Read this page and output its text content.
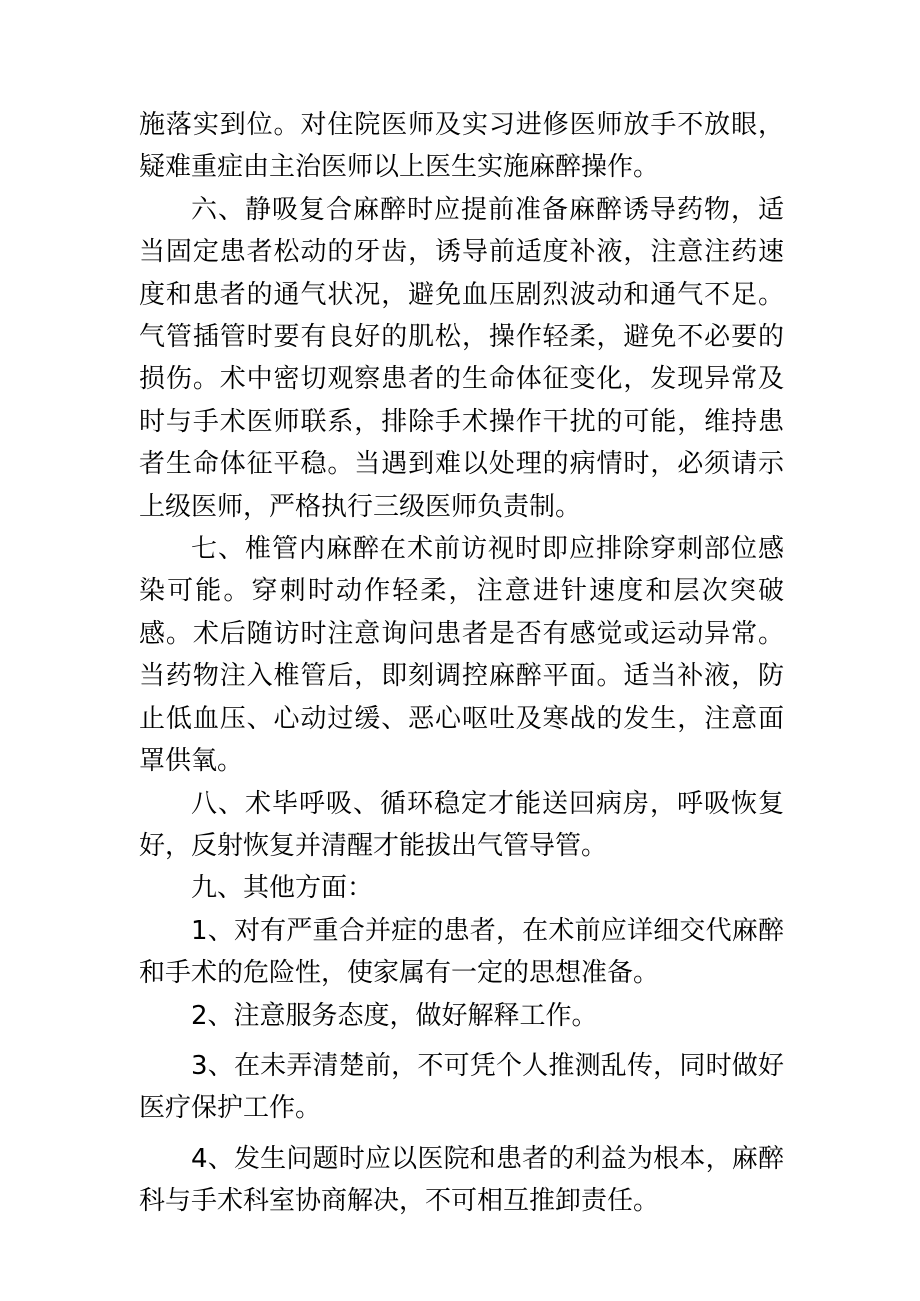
施落实到位。对住院医师及实习进修医师放手不放眼，疑难重症由主治医师以上医生实施麻醉操作。

六、静吸复合麻醉时应提前准备麻醉诱导药物，适当固定患者松动的牙齿，诱导前适度补液，注意注药速度和患者的通气状况，避免血压剧烈波动和通气不足。气管插管时要有良好的肌松，操作轻柔，避免不必要的损伤。术中密切观察患者的生命体征变化，发现异常及时与手术医师联系，排除手术操作干扰的可能，维持患者生命体征平稳。当遇到难以处理的病情时，必须请示上级医师，严格执行三级医师负责制。

七、椎管内麻醉在术前访视时即应排除穿刺部位感染可能。穿刺时动作轻柔，注意进针速度和层次突破感。术后随访时注意询问患者是否有感觉或运动异常。当药物注入椎管后，即刻调控麻醉平面。适当补液，防止低血压、心动过缓、恶心呕吐及寒战的发生，注意面罩供氧。

八、术毕呼吸、循环稳定才能送回病房，呼吸恢复好，反射恢复并清醒才能拔出气管导管。

九、其他方面：

1、对有严重合并症的患者，在术前应详细交代麻醉和手术的危险性，使家属有一定的思想准备。

2、注意服务态度，做好解释工作。

3、在未弄清楚前，不可凭个人推测乱传，同时做好医疗保护工作。

4、发生问题时应以医院和患者的利益为根本，麻醉科与手术科室协商解决，不可相互推卸责任。
